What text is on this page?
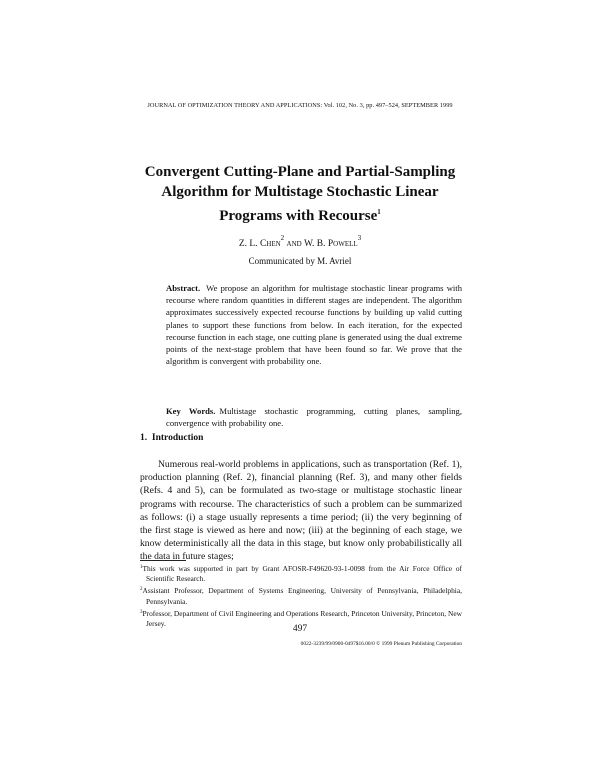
JOURNAL OF OPTIMIZATION THEORY AND APPLICATIONS: Vol. 102, No. 3, pp. 497–524, SEPTEMBER 1999
Convergent Cutting-Plane and Partial-Sampling
Algorithm for Multistage Stochastic Linear
Programs with Recourse$^1$
Z. L. Chen$^2$ and W. B. Powell$^3$
Communicated by M. Avriel
Abstract. We propose an algorithm for multistage stochastic linear programs with recourse where random quantities in different stages are independent. The algorithm approximates successively expected recourse functions by building up valid cutting planes to support these functions from below. In each iteration, for the expected recourse function in each stage, one cutting plane is generated using the dual extreme points of the next-stage problem that have been found so far. We prove that the algorithm is convergent with probability one.
Key Words. Multistage stochastic programming, cutting planes, sampling, convergence with probability one.
1. Introduction
Numerous real-world problems in applications, such as transportation (Ref. 1), production planning (Ref. 2), financial planning (Ref. 3), and many other fields (Refs. 4 and 5), can be formulated as two-stage or multistage stochastic linear programs with recourse. The characteristics of such a problem can be summarized as follows: (i) a stage usually represents a time period; (ii) the very beginning of the first stage is viewed as here and now; (iii) at the beginning of each stage, we know deterministically all the data in this stage, but know only probabilistically all the data in future stages;
$^1$This work was supported in part by Grant AFOSR-F49620-93-1-0098 from the Air Force Office of Scientific Research.
$^2$Assistant Professor, Department of Systems Engineering, University of Pennsylvania, Philadelphia, Pennsylvania.
$^3$Professor, Department of Civil Engineering and Operations Research, Princeton University, Princeton, New Jersey.
497
0022-3239/99/0900-0497$16.00/0 © 1999 Plenum Publishing Corporation
